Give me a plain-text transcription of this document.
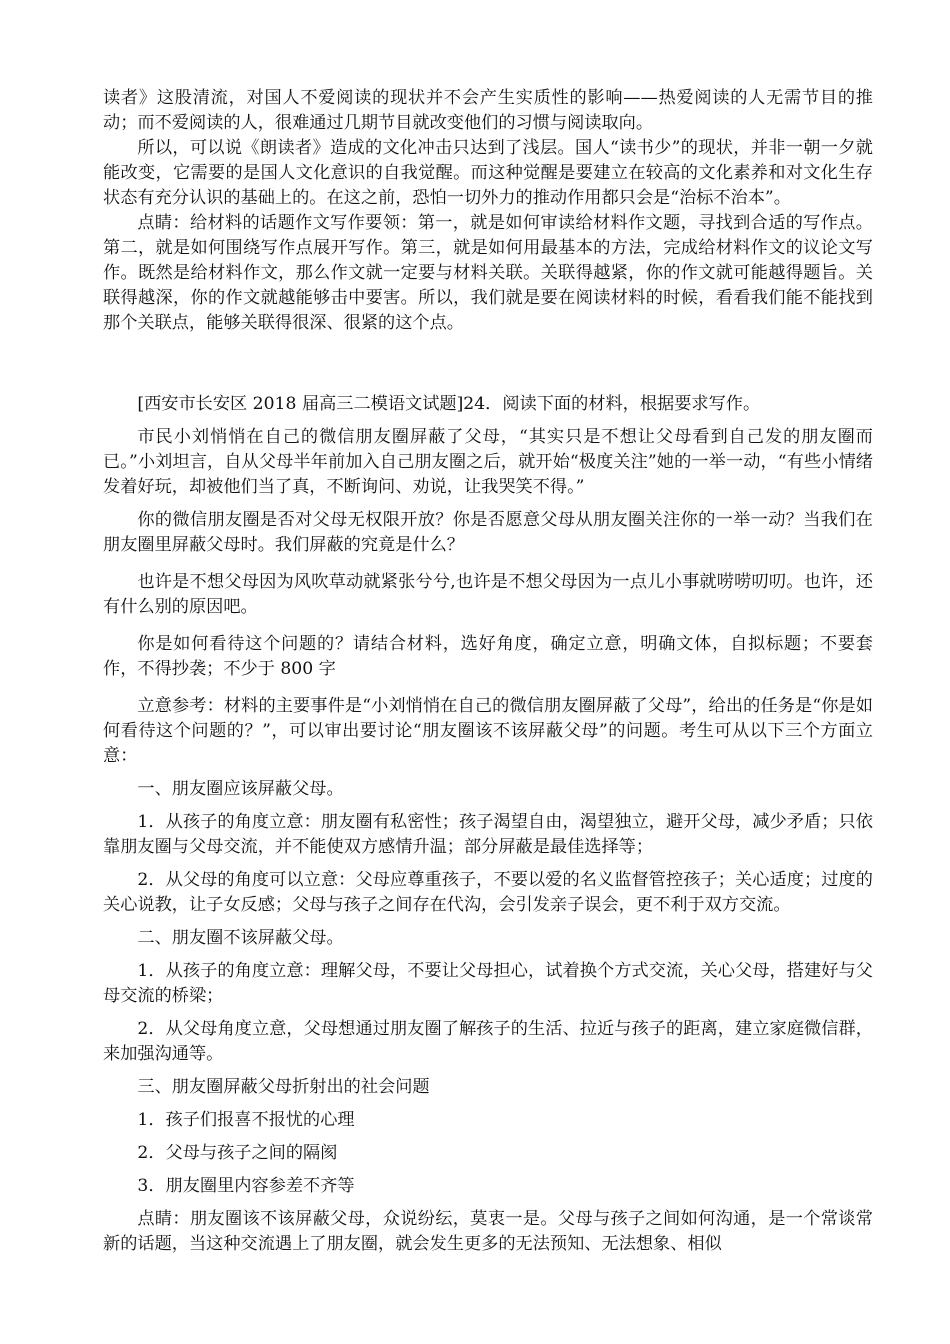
读者》这股清流，对国人不爱阅读的现状并不会产生实质性的影响——热爱阅读的人无需节目的推动；而不爱阅读的人，很难通过几期节目就改变他们的习惯与阅读取向。

所以，可以说《朗读者》造成的文化冲击只达到了浅层。国人“读书少”的现状，并非一朝一夕就能改变，它需要的是国人文化意识的自我觉醒。而这种觉醒是要建立在较高的文化素养和对文化生存状态有充分认识的基础上的。在这之前，恐怕一切外力的推动作用都只会是“治标不治本”。

点睛：给材料的话题作文写作要领：第一，就是如何审读给材料作文题，寻找到合适的写作点。第二，就是如何围绕写作点展开写作。第三，就是如何用最基本的方法，完成给材料作文的议论文写作。既然是给材料作文，那么作文就一定要与材料关联。关联得越紧，你的作文就可能越得题旨。关联得越深，你的作文就越能够击中要害。所以，我们就是要在阅读材料的时候，看看我们能不能找到那个关联点，能够关联得很深、很紧的这个点。

[西安市长安区 2018 届高三二模语文试题]24．阅读下面的材料，根据要求写作。

市民小刘悄悄在自己的微信朋友圈屏蔽了父母，“其实只是不想让父母看到自己发的朋友圈而已。”小刘坦言，自从父母半年前加入自己朋友圈之后，就开始“极度关注”她的一举一动，“有些小情绪发着好玩，却被他们当了真，不断询问、劝说，让我哭笑不得。”

你的微信朋友圈是否对父母无权限开放？你是否愿意父母从朋友圈关注你的一举一动？当我们在朋友圈里屏蔽父母时。我们屏蔽的究竟是什么？

也许是不想父母因为风吹草动就紧张兮兮,也许是不想父母因为一点儿小事就唠唠叨叨。也许，还有什么别的原因吧。

你是如何看待这个问题的？请结合材料，选好角度，确定立意，明确文体，自拟标题；不要套作，不得抄袭；不少于 800 字

立意参考：材料的主要事件是“小刘悄悄在自己的微信朋友圈屏蔽了父母”，给出的任务是“你是如何看待这个问题的？”，可以审出要讨论“朋友圈该不该屏蔽父母”的问题。考生可从以下三个方面立意：

一、朋友圈应该屏蔽父母。

1．从孩子的角度立意：朋友圈有私密性；孩子渴望自由，渴望独立，避开父母，减少矛盾；只依靠朋友圈与父母交流，并不能使双方感情升温；部分屏蔽是最佳选择等；

2．从父母的角度可以立意：父母应尊重孩子，不要以爱的名义监督管控孩子；关心适度；过度的关心说教，让子女反感；父母与孩子之间存在代沟，会引发亲子误会，更不利于双方交流。

二、朋友圈不该屏蔽父母。

1．从孩子的角度立意：理解父母，不要让父母担心，试着换个方式交流，关心父母，搭建好与父母交流的桥梁；

2．从父母角度立意，父母想通过朋友圈了解孩子的生活、拉近与孩子的距离，建立家庭微信群，来加强沟通等。

三、朋友圈屏蔽父母折射出的社会问题

1．孩子们报喜不报忧的心理

2．父母与孩子之间的隔阂

3．朋友圈里内容参差不齐等

点睛：朋友圈该不该屏蔽父母，众说纷纭，莫衷一是。父母与孩子之间如何沟通，是一个常谈常新的话题，当这种交流遇上了朋友圈，就会发生更多的无法预知、无法想象、相似
